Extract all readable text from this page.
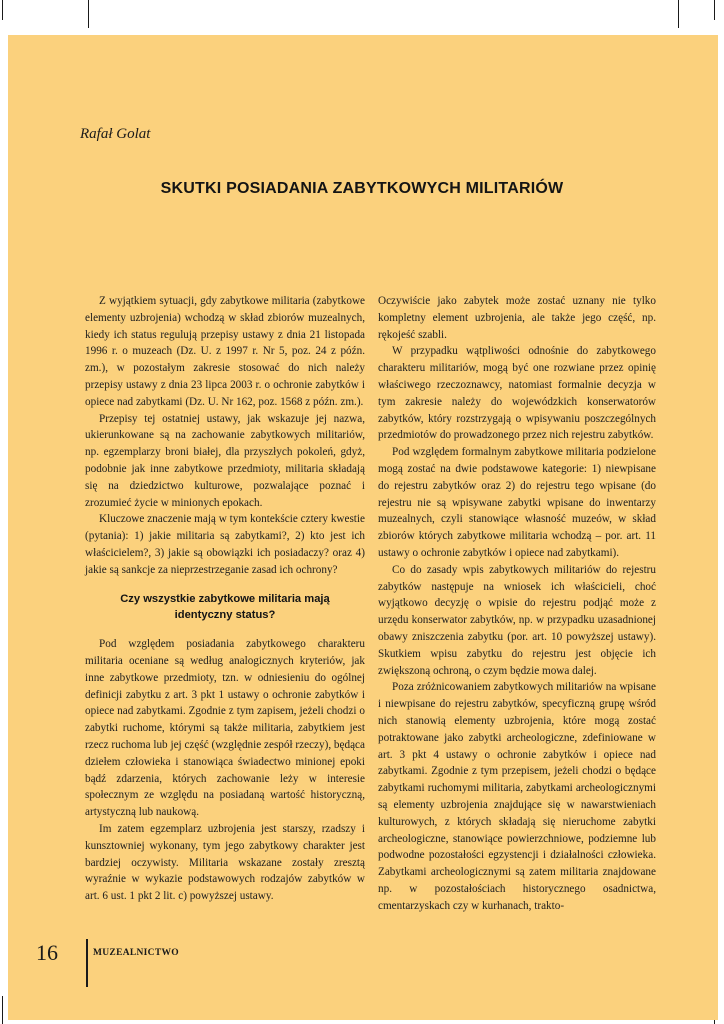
Rafał Golat
SKUTKI POSIADANIA ZABYTKOWYCH MILITARIÓW

Z wyjątkiem sytuacji, gdy zabytkowe militaria (zabytkowe elementy uzbrojenia) wchodzą w skład zbiorów muzealnych, kiedy ich status regulują przepisy ustawy z dnia 21 listopada 1996 r. o muzeach (Dz. U. z 1997 r. Nr 5, poz. 24 z późn. zm.), w pozostałym zakresie stosować do nich należy przepisy ustawy z dnia 23 lipca 2003 r. o ochronie zabytków i opiece nad zabytkami (Dz. U. Nr 162, poz. 1568 z późn. zm.).

Przepisy tej ostatniej ustawy, jak wskazuje jej nazwa, ukierunkowane są na zachowanie zabytkowych militariów, np. egzemplarzy broni białej, dla przyszłych pokoleń, gdyż, podobnie jak inne zabytkowe przedmioty, militaria składają się na dziedzictwo kulturowe, pozwalające poznać i zrozumieć życie w minionych epokach.

Kluczowe znaczenie mają w tym kontekście cztery kwestie (pytania): 1) jakie militaria są zabytkami?, 2) kto jest ich właścicielem?, 3) jakie są obowiązki ich posiadaczy? oraz 4) jakie są sankcje za nieprzestrzeganie zasad ich ochrony?

Czy wszystkie zabytkowe militaria mają identyczny status?

Pod względem posiadania zabytkowego charakteru militaria oceniane są według analogicznych kryteriów, jak inne zabytkowe przedmioty, tzn. w odniesieniu do ogólnej definicji zabytku z art. 3 pkt 1 ustawy o ochronie zabytków i opiece nad zabytkami. Zgodnie z tym zapisem, jeżeli chodzi o zabytki ruchome, którymi są także militaria, zabytkiem jest rzecz ruchoma lub jej część (względnie zespół rzeczy), będąca dziełem człowieka i stanowiąca świadectwo minionej epoki bądź zdarzenia, których zachowanie leży w interesie społecznym ze względu na posiadaną wartość historyczną, artystyczną lub naukową.

Im zatem egzemplarz uzbrojenia jest starszy, rzadszy i kunsztowniej wykonany, tym jego zabytkowy charakter jest bardziej oczywisty. Militaria wskazane zostały zresztą wyraźnie w wykazie podstawowych rodzajów zabytków w art. 6 ust. 1 pkt 2 lit. c) powyższej ustawy.

Oczywiście jako zabytek może zostać uznany nie tylko kompletny element uzbrojenia, ale także jego część, np. rękojeść szabli.

W przypadku wątpliwości odnośnie do zabytkowego charakteru militariów, mogą być one rozwiane przez opinię właściwego rzeczoznawcy, natomiast formalnie decyzja w tym zakresie należy do wojewódzkich konserwatorów zabytków, który rozstrzygają o wpisywaniu poszczególnych przedmiotów do prowadzonego przez nich rejestru zabytków.

Pod względem formalnym zabytkowe militaria podzielone mogą zostać na dwie podstawowe kategorie: 1) niewpisane do rejestru zabytków oraz 2) do rejestru tego wpisane (do rejestru nie są wpisywane zabytki wpisane do inwentarzy muzealnych, czyli stanowiące własność muzeów, w skład zbiorów których zabytkowe militaria wchodzą – por. art. 11 ustawy o ochronie zabytków i opiece nad zabytkami).

Co do zasady wpis zabytkowych militariów do rejestru zabytków następuje na wniosek ich właścicieli, choć wyjątkowo decyzję o wpisie do rejestru podjąć może z urzędu konserwator zabytków, np. w przypadku uzasadnionej obawy zniszczenia zabytku (por. art. 10 powyższej ustawy). Skutkiem wpisu zabytku do rejestru jest objęcie ich zwiększoną ochroną, o czym będzie mowa dalej.

Poza zróżnicowaniem zabytkowych militariów na wpisane i niewpisane do rejestru zabytków, specyficzną grupę wśród nich stanowią elementy uzbrojenia, które mogą zostać potraktowane jako zabytki archeologiczne, zdefiniowane w art. 3 pkt 4 ustawy o ochronie zabytków i opiece nad zabytkami. Zgodnie z tym przepisem, jeżeli chodzi o będące zabytkami ruchomymi militaria, zabytkami archeologicznymi są elementy uzbrojenia znajdujące się w nawarstwieniach kulturowych, z których składają się nieruchome zabytki archeologiczne, stanowiące powierzchniowe, podziemne lub podwodne pozostałości egzystencji i działalności człowieka. Zabytkami archeologicznymi są zatem militaria znajdowane np. w pozostałościach historycznego osadnictwa, cmentarzyskach czy w kurhanach, trakto-

16	MUZEALNICTWO
